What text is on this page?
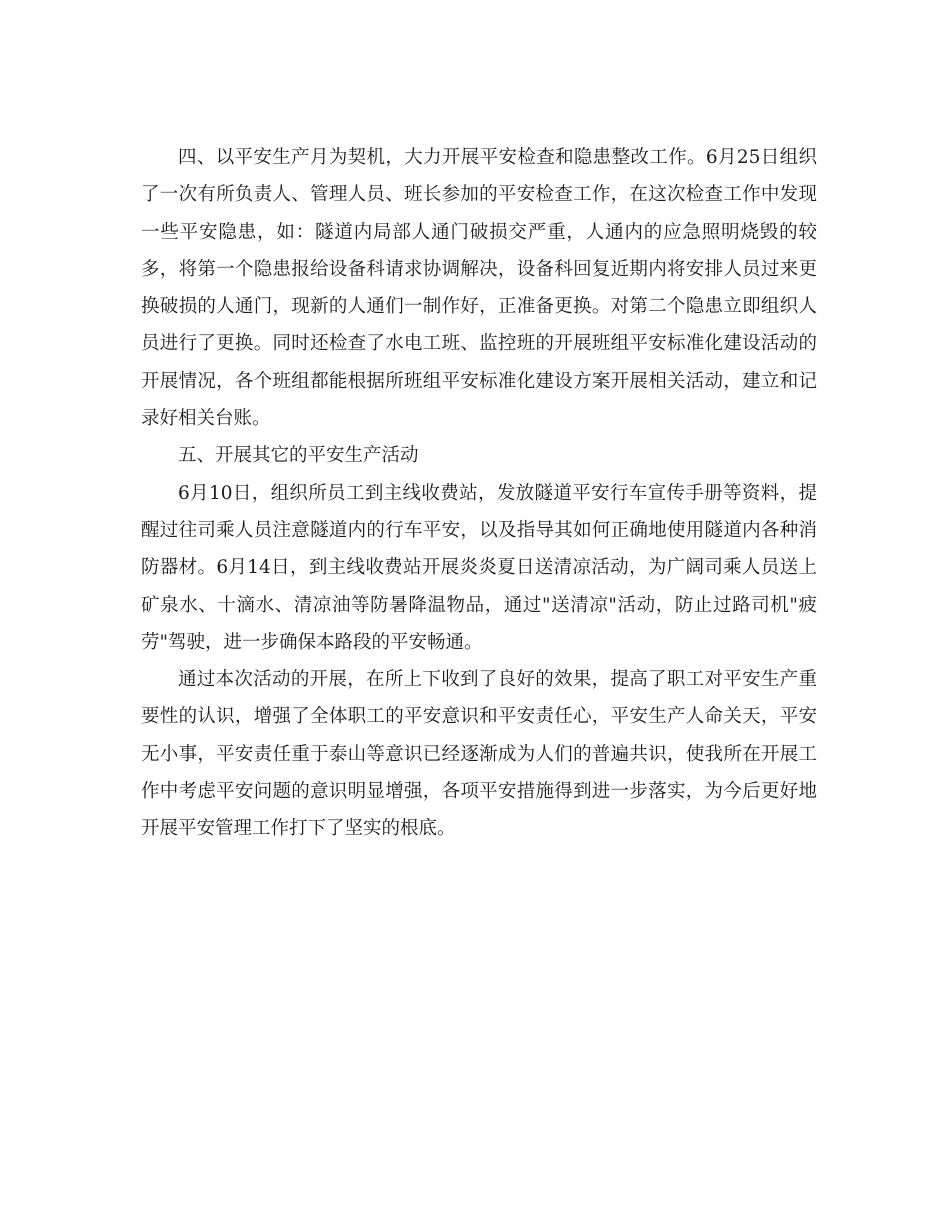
四、以平安生产月为契机，大力开展平安检查和隐患整改工作。6月25日组织了一次有所负责人、管理人员、班长参加的平安检查工作，在这次检查工作中发现一些平安隐患，如：隧道内局部人通门破损交严重，人通内的应急照明烧毁的较多，将第一个隐患报给设备科请求协调解决，设备科回复近期内将安排人员过来更换破损的人通门，现新的人通们一制作好，正准备更换。对第二个隐患立即组织人员进行了更换。同时还检查了水电工班、监控班的开展班组平安标准化建设活动的开展情况，各个班组都能根据所班组平安标准化建设方案开展相关活动，建立和记录好相关台账。

五、开展其它的平安生产活动

6月10日，组织所员工到主线收费站，发放隧道平安行车宣传手册等资料，提醒过往司乘人员注意隧道内的行车平安，以及指导其如何正确地使用隧道内各种消防器材。6月14日，到主线收费站开展炎炎夏日送清凉活动，为广阔司乘人员送上矿泉水、十滴水、清凉油等防暑降温物品，通过"送清凉"活动，防止过路司机"疲劳"驾驶，进一步确保本路段的平安畅通。

通过本次活动的开展，在所上下收到了良好的效果，提高了职工对平安生产重要性的认识，增强了全体职工的平安意识和平安责任心，平安生产人命关天，平安无小事，平安责任重于泰山等意识已经逐渐成为人们的普遍共识，使我所在开展工作中考虑平安问题的意识明显增强，各项平安措施得到进一步落实，为今后更好地开展平安管理工作打下了坚实的根底。
